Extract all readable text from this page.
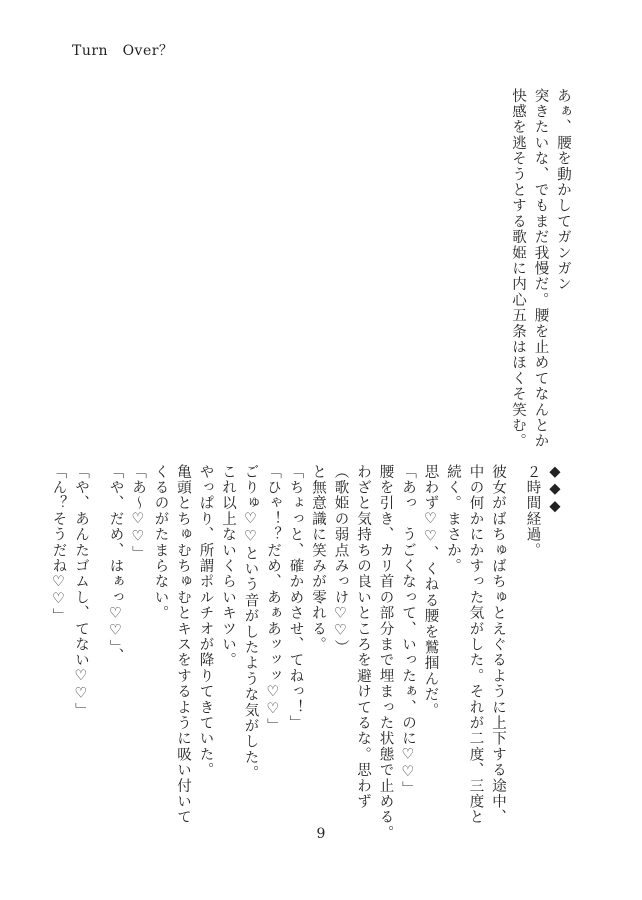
Turn　Over？
あぁ、腰を動かしてガンガン
突きたいな、でもまだ我慢だ。腰を止めてなんとか
快感を逃そうとする歌姫に内心五条はほくそ笑む。
◆◆◆
２時間経過。
彼女がばちゅばちゅとえぐるように上下する途中、
中の何かにかすった気がした。それが二度、三度と
続く。まさか。
思わず♡♡、くねる腰を鷲掴んだ。
「あっ　うごくなって、いったぁ、のに♡♡」
腰を引き、カリ首の部分まで埋まった状態で止める。
わざと気持ちの良いところを避けてるな。思わず
（歌姫の弱点みっけ♡♡）
と無意識に笑みが零れる。
「ちょっと、確かめさせ、てねっ！」
「ひゃ！？だめ、あぁあッッッ♡♡」
ごりゅ♡♡という音がしたような気がした。
これ以上ないくらいキツい。
やっぱり、所謂ポルチオが降りてきていた。
亀頭とちゅむちゅむとキスをするように吸い付いて
くるのがたまらない。
「あ～♡♡」
「や、だめ、はぁっ♡♡」、
「や、あんたゴムし、てない♡♡」
「ん？そうだね♡♡」
9
